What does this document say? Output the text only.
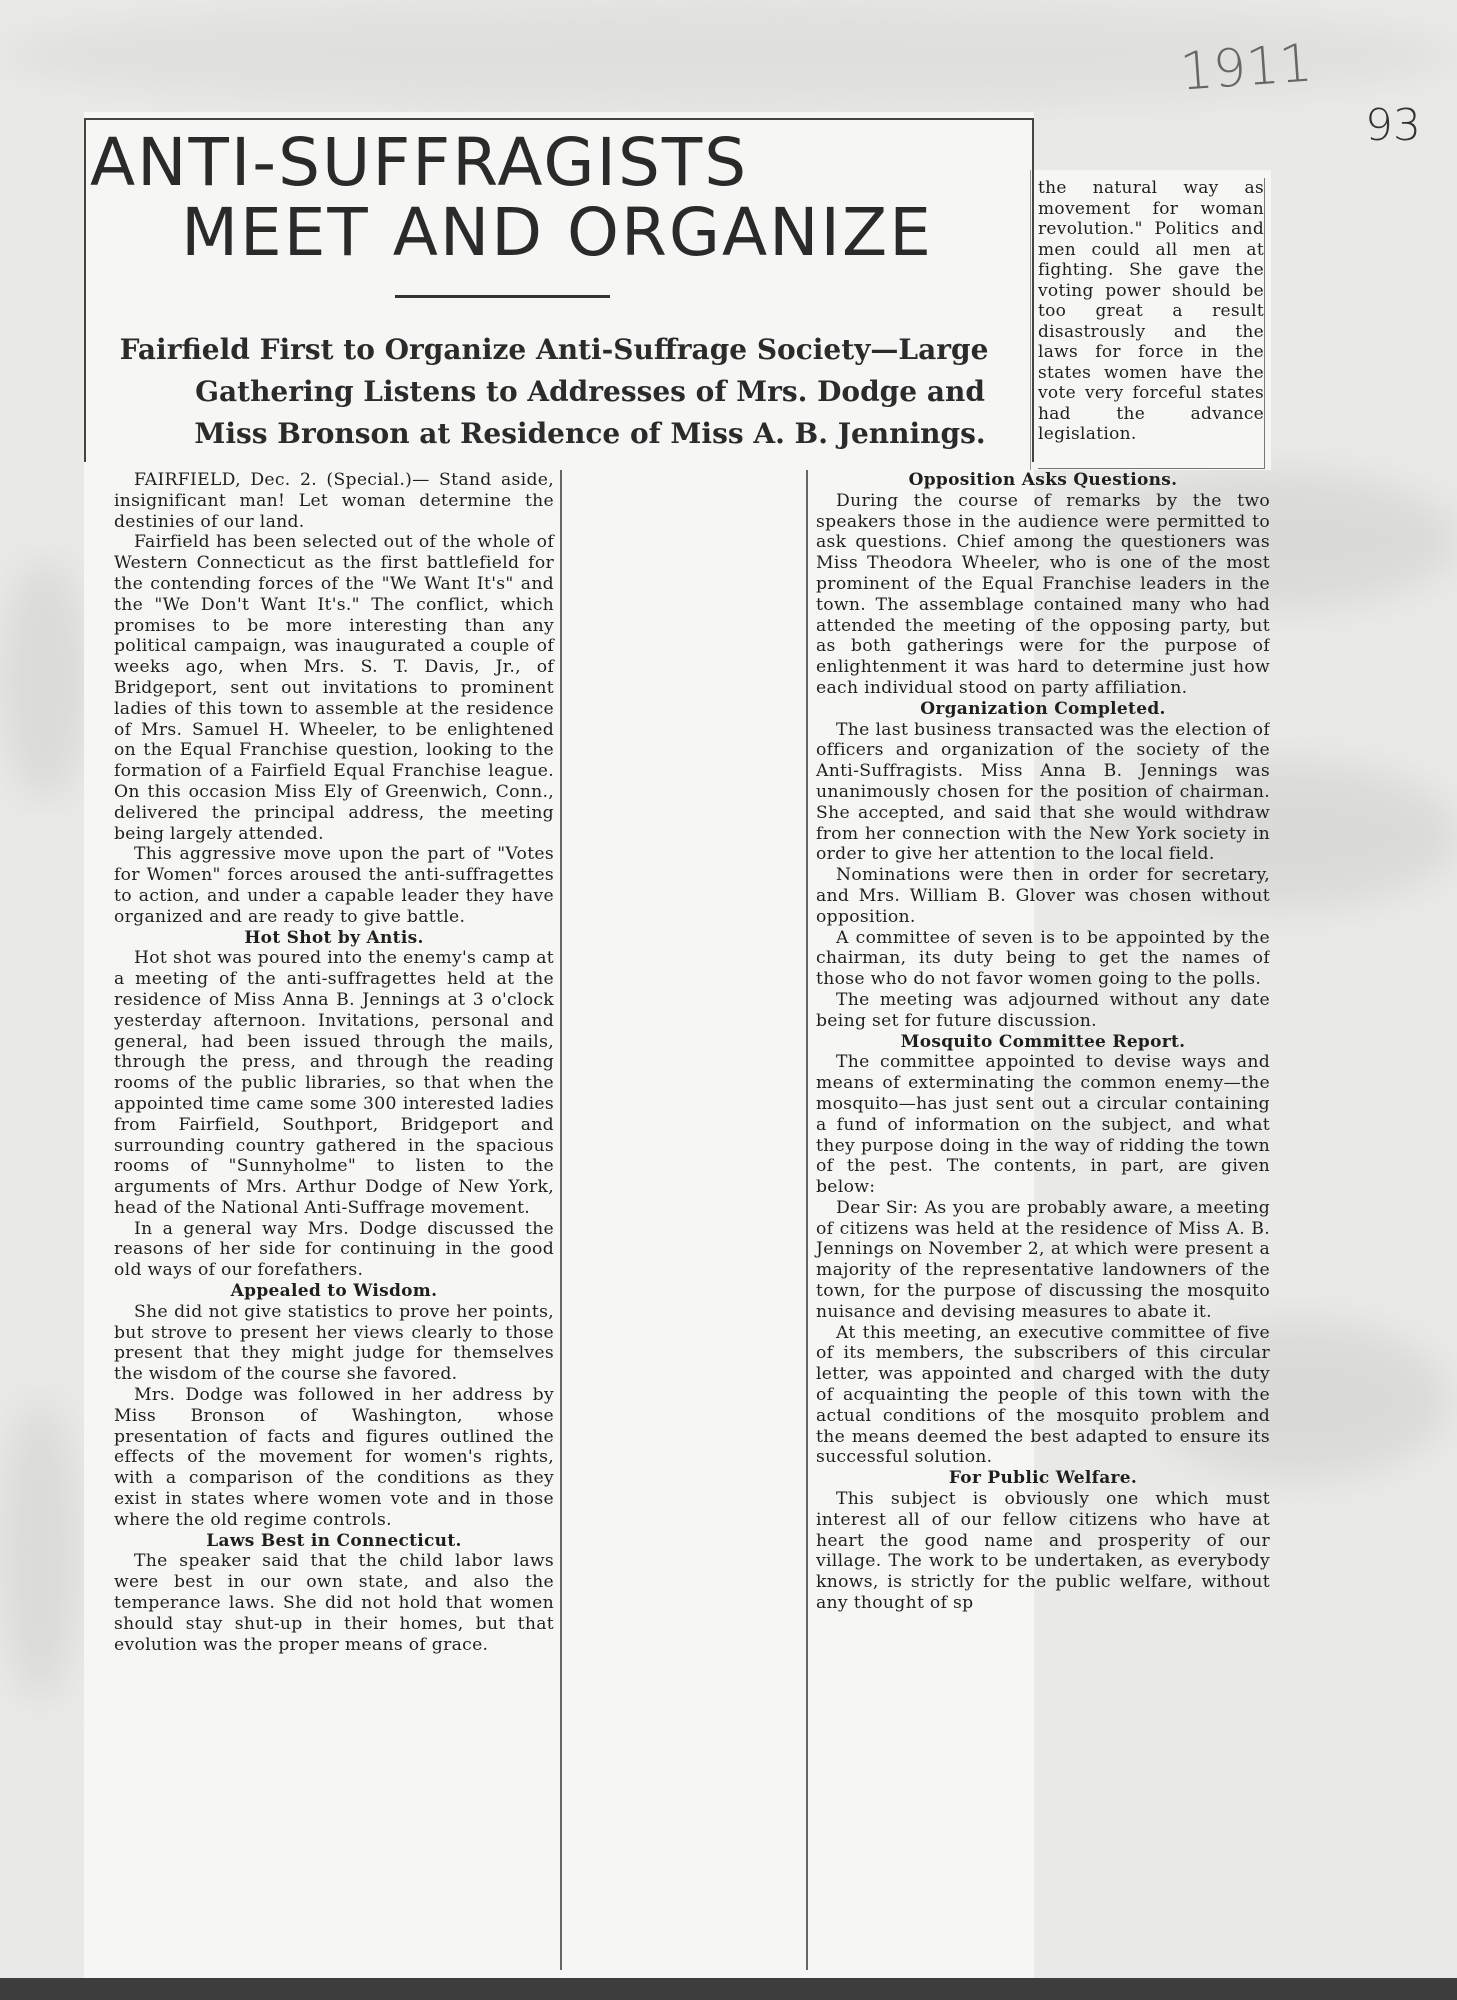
1911
93
ANTI-SUFFRAGISTS
MEET AND ORGANIZE
Fairfield First to Organize Anti-Suffrage Society—Large
Gathering Listens to Addresses of Mrs. Dodge and
Miss Bronson at Residence of Miss A. B. Jennings.

the natural way as movement for woman revolution." Politics and men could all men at fighting. She gave the voting power should be too great a result disastrously and the laws for force in the states women have the vote very forceful states had the advance legislation.

FAIRFIELD, Dec. 2. (Special.)— Stand aside, insignificant man! Let woman determine the destinies of our land.

Fairfield has been selected out of the whole of Western Connecticut as the first battlefield for the contending forces of the "We Want It's" and the "We Don't Want It's." The conflict, which promises to be more interesting than any political campaign, was inaugurated a couple of weeks ago, when Mrs. S. T. Davis, Jr., of Bridgeport, sent out invitations to prominent ladies of this town to assemble at the residence of Mrs. Samuel H. Wheeler, to be enlightened on the Equal Franchise question, looking to the formation of a Fairfield Equal Franchise league. On this occasion Miss Ely of Greenwich, Conn., delivered the principal address, the meeting being largely attended.

This aggressive move upon the part of "Votes for Women" forces aroused the anti-suffragettes to action, and under a capable leader they have organized and are ready to give battle.

Hot Shot by Antis.

Hot shot was poured into the enemy's camp at a meeting of the anti-suffragettes held at the residence of Miss Anna B. Jennings at 3 o'clock yesterday afternoon. Invitations, personal and general, had been issued through the mails, through the press, and through the reading rooms of the public libraries, so that when the appointed time came some 300 interested ladies from Fairfield, Southport, Bridgeport and surrounding country gathered in the spacious rooms of "Sunnyholme" to listen to the arguments of Mrs. Arthur Dodge of New York, head of the National Anti-Suffrage movement.

In a general way Mrs. Dodge discussed the reasons of her side for continuing in the good old ways of our forefathers.

Appealed to Wisdom.

She did not give statistics to prove her points, but strove to present her views clearly to those present that they might judge for themselves the wisdom of the course she favored.

Mrs. Dodge was followed in her address by Miss Bronson of Washington, whose presentation of facts and figures outlined the effects of the movement for women's rights, with a comparison of the conditions as they exist in states where women vote and in those where the old regime controls.

Laws Best in Connecticut.

The speaker said that the child labor laws were best in our own state, and also the temperance laws. She did not hold that women should stay shut-up in their homes, but that evolution was the proper means of grace.

Opposition Asks Questions.

During the course of remarks by the two speakers those in the audience were permitted to ask questions. Chief among the questioners was Miss Theodora Wheeler, who is one of the most prominent of the Equal Franchise leaders in the town. The assemblage contained many who had attended the meeting of the opposing party, but as both gatherings were for the purpose of enlightenment it was hard to determine just how each individual stood on party affiliation.

Organization Completed.

The last business transacted was the election of officers and organization of the society of the Anti-Suffragists. Miss Anna B. Jennings was unanimously chosen for the position of chairman. She accepted, and said that she would withdraw from her connection with the New York society in order to give her attention to the local field.

Nominations were then in order for secretary, and Mrs. William B. Glover was chosen without opposition.

A committee of seven is to be appointed by the chairman, its duty being to get the names of those who do not favor women going to the polls.

The meeting was adjourned without any date being set for future discussion.

Mosquito Committee Report.

The committee appointed to devise ways and means of exterminating the common enemy—the mosquito—has just sent out a circular containing a fund of information on the subject, and what they purpose doing in the way of ridding the town of the pest. The contents, in part, are given below:

Dear Sir: As you are probably aware, a meeting of citizens was held at the residence of Miss A. B. Jennings on November 2, at which were present a majority of the representative landowners of the town, for the purpose of discussing the mosquito nuisance and devising measures to abate it.

At this meeting, an executive committee of five of its members, the subscribers of this circular letter, was appointed and charged with the duty of acquainting the people of this town with the actual conditions of the mosquito problem and the means deemed the best adapted to ensure its successful solution.

For Public Welfare.

This subject is obviously one which must interest all of our fellow citizens who have at heart the good name and prosperity of our village. The work to be undertaken, as everybody knows, is strictly for the public welfare, without any thought of sp
